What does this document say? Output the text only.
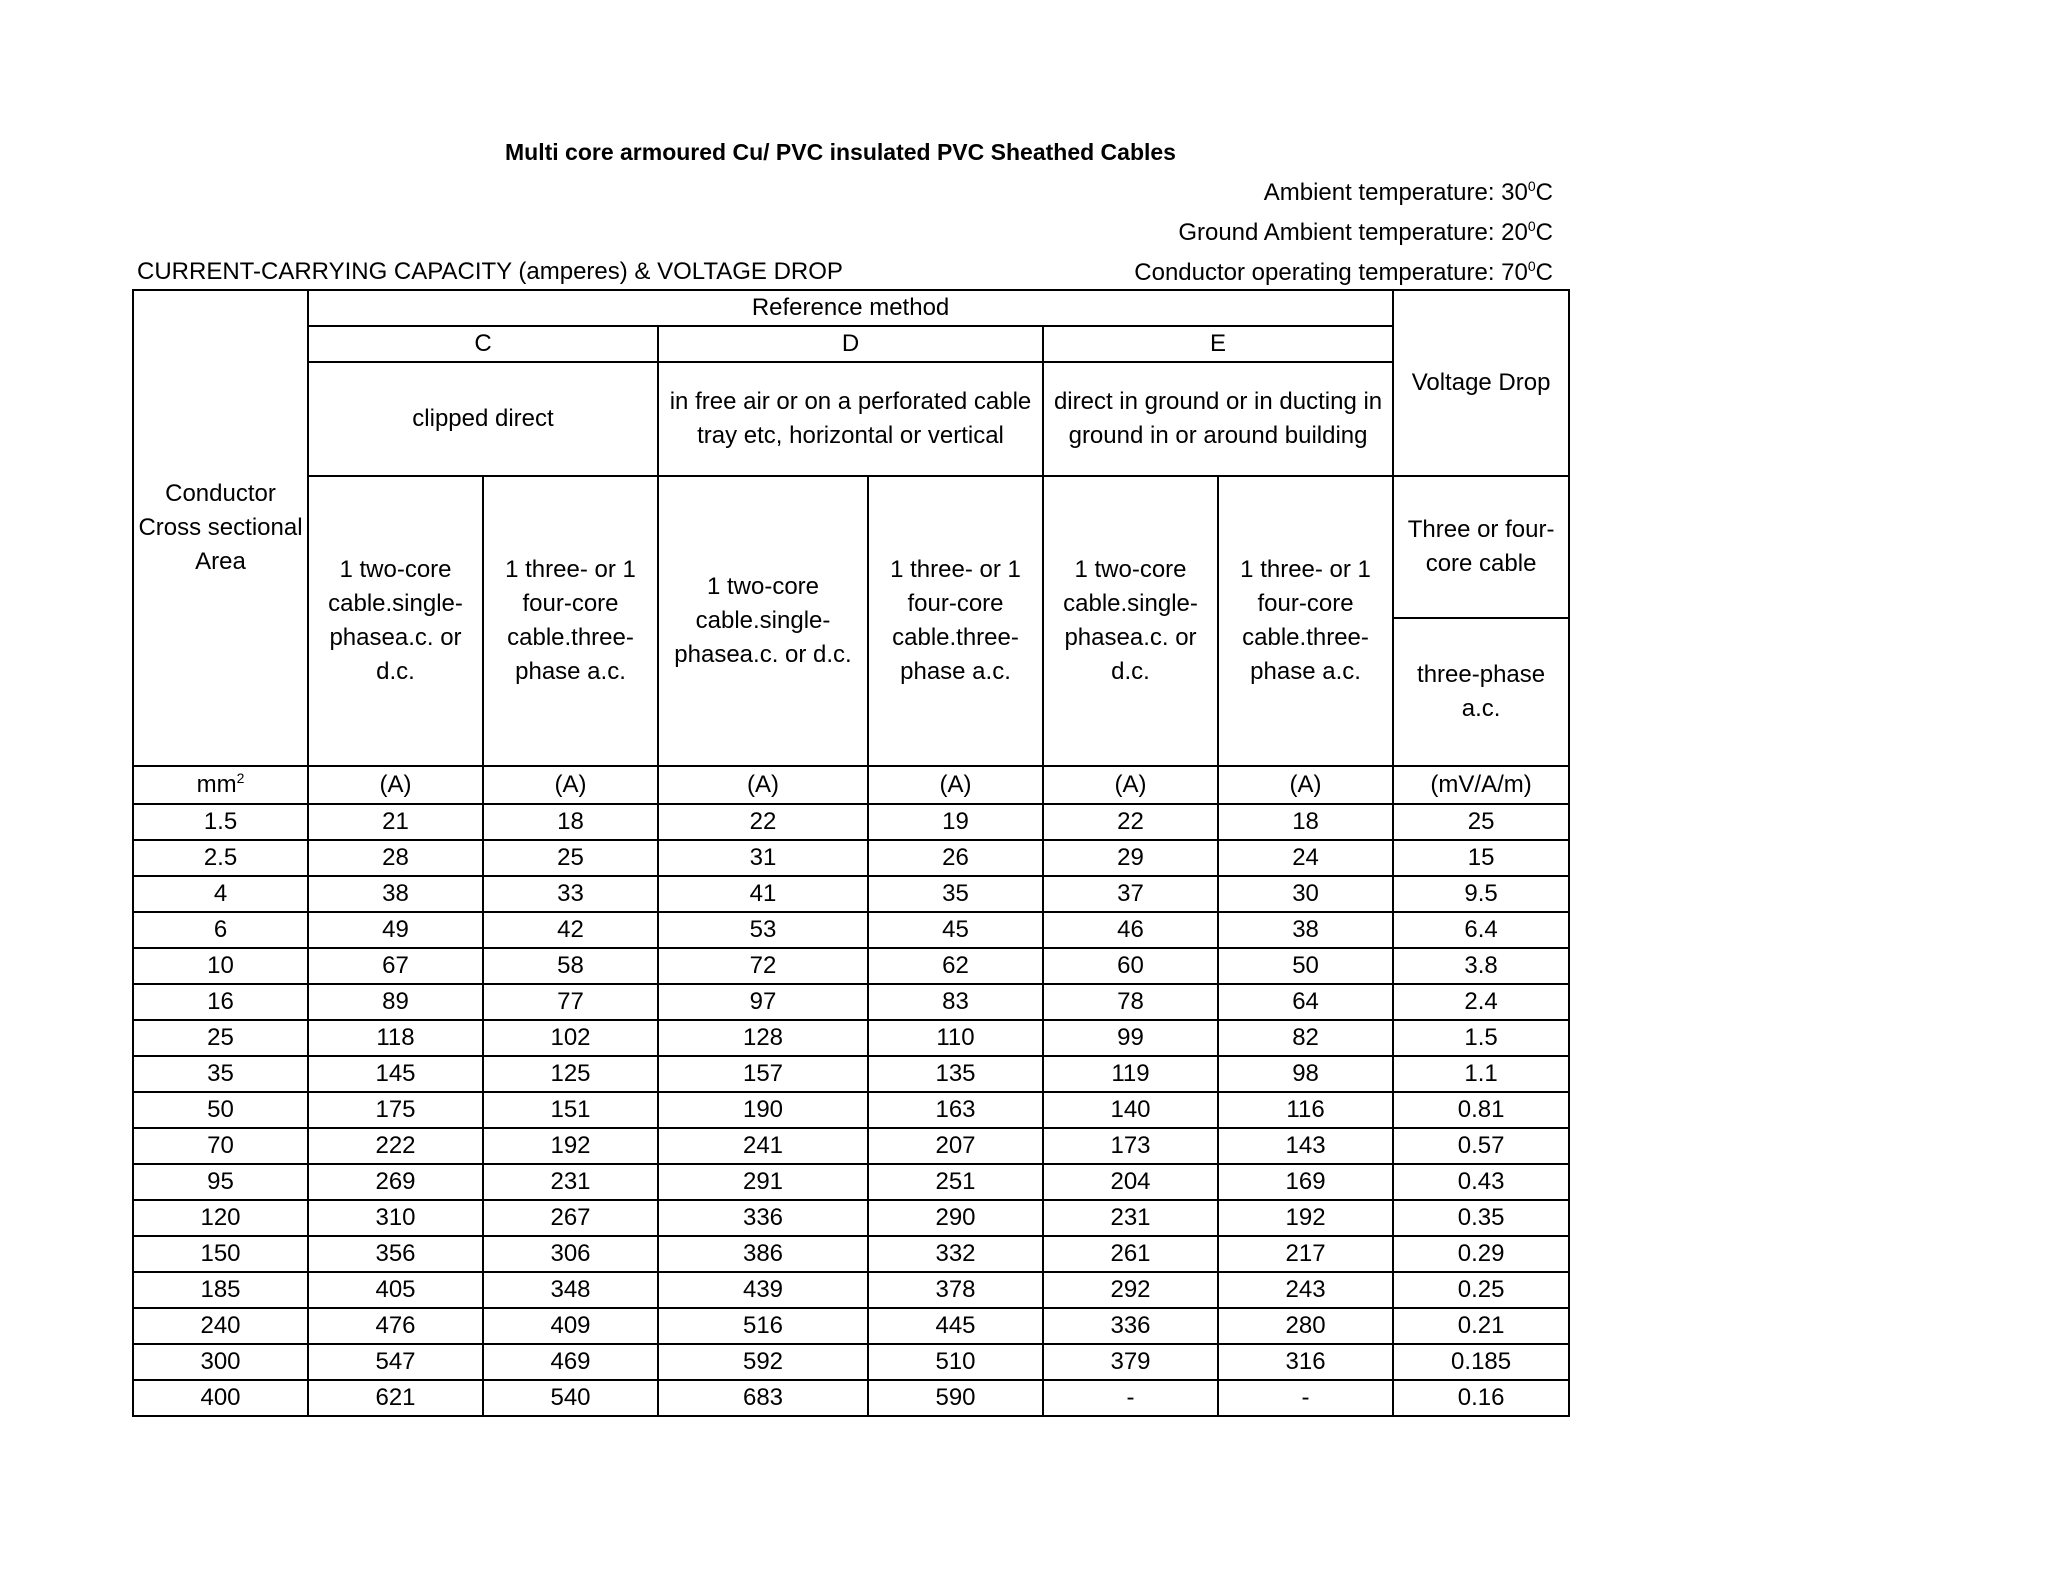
Multi core armoured Cu/ PVC insulated PVC Sheathed Cables
Ambient temperature: $30^0C$
Ground Ambient temperature: $20^0C$
Conductor operating temperature: $70^0C$
CURRENT-CARRYING CAPACITY (amperes) & VOLTAGE DROP
Conductor Cross sectional Area	Reference method						Voltage Drop
	C		D		E		
	clipped direct		in free air or on a perforated cable tray etc, horizontal or vertical		direct in ground or in ducting in ground in or around building		
	1 two-core cable.single-phasea.c. or d.c.	1 three- or 1 four-core cable.three-phase a.c.	1 two-core cable.single-phasea.c. or d.c.	1 three- or 1 four-core cable.three-phase a.c.	1 two-core cable.single-phasea.c. or d.c.	1 three- or 1 four-core cable.three-phase a.c.	Three or four-core cable
							three-phase a.c.
$mm^2$	(A)	(A)	(A)	(A)	(A)	(A)	(mV/A/m)
1.5	21	18	22	19	22	18	25
2.5	28	25	31	26	29	24	15
4	38	33	41	35	37	30	9.5
6	49	42	53	45	46	38	6.4
10	67	58	72	62	60	50	3.8
16	89	77	97	83	78	64	2.4
25	118	102	128	110	99	82	1.5
35	145	125	157	135	119	98	1.1
50	175	151	190	163	140	116	0.81
70	222	192	241	207	173	143	0.57
95	269	231	291	251	204	169	0.43
120	310	267	336	290	231	192	0.35
150	356	306	386	332	261	217	0.29
185	405	348	439	378	292	243	0.25
240	476	409	516	445	336	280	0.21
300	547	469	592	510	379	316	0.185
400	621	540	683	590	-	-	0.16
